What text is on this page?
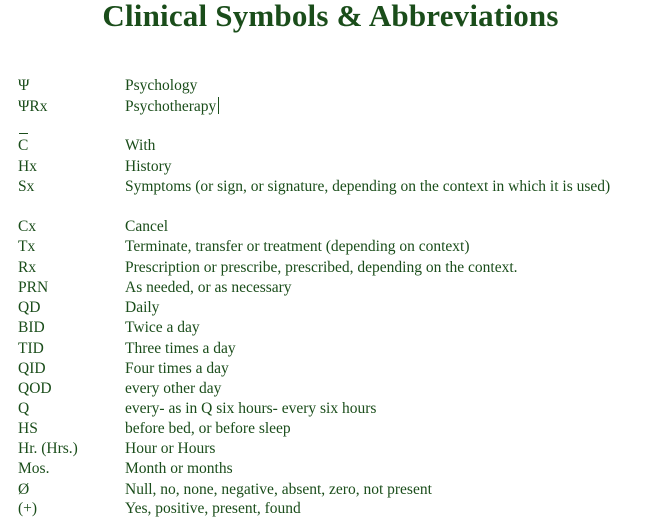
Clinical Symbols & Abbreviations
Ψ	Psychology
ΨRx	Psychotherapy
C	With
Hx	History
Sx	Symptoms (or sign, or signature, depending on the context in which it is used)
Cx	Cancel
Tx	Terminate, transfer or treatment (depending on context)
Rx	Prescription or prescribe, prescribed, depending on the context.
PRN	As needed, or as necessary
QD	Daily
BID	Twice a day
TID	Three times a day
QID	Four times a day
QOD	every other day
Q	every- as in Q six hours- every six hours
HS	before bed, or before sleep
Hr. (Hrs.)	Hour or Hours
Mos.	Month or months
Ø	Null, no, none, negative, absent, zero, not present
(+)	Yes, positive, present, found
